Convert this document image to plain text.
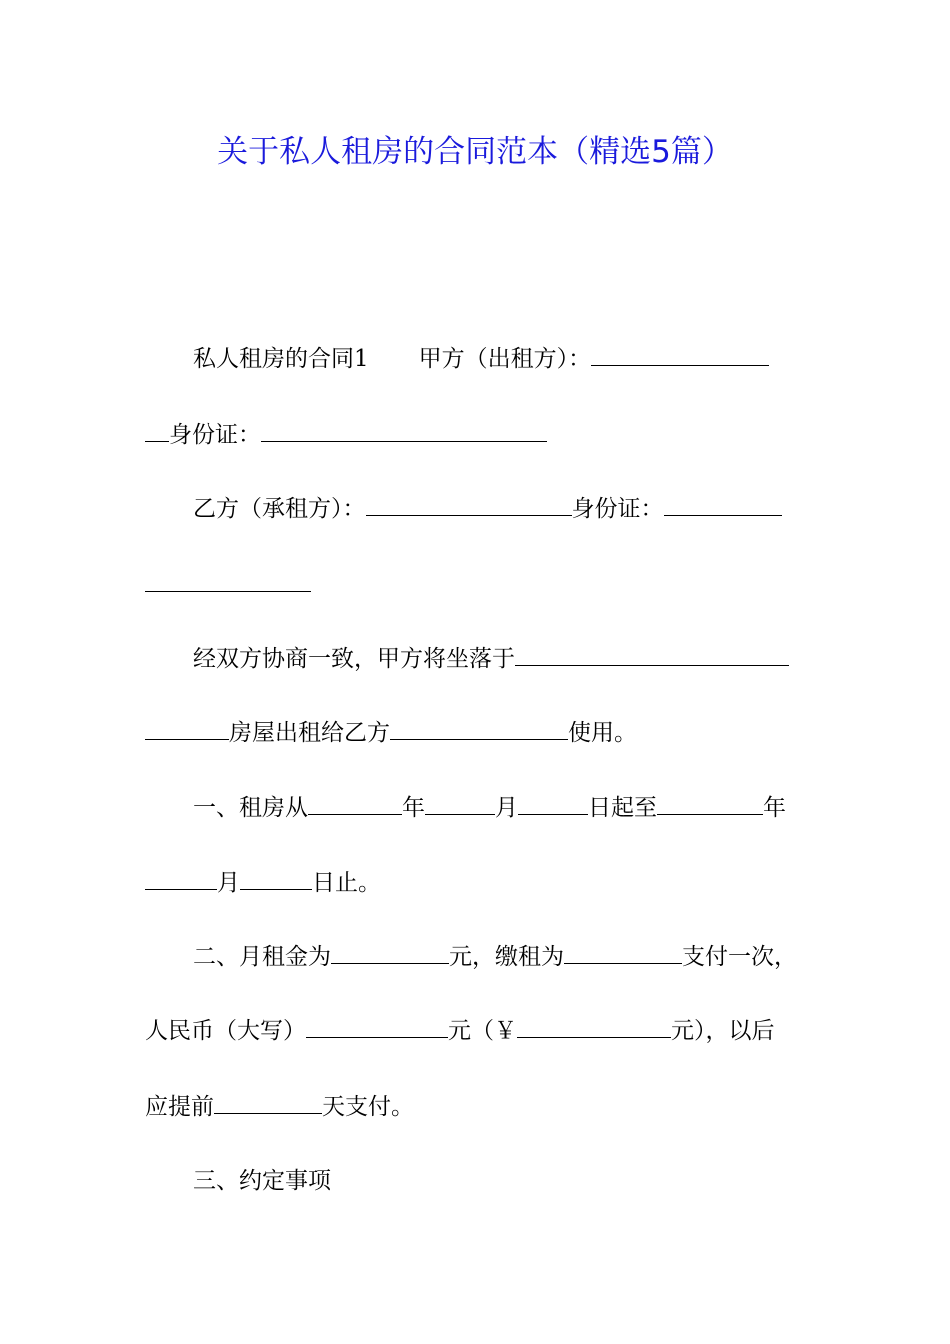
关于私人租房的合同范本（精选5篇）
私人租房的合同1 甲方（出租方）：
身份证：
乙方（承租方）：	身份证：
经双方协商一致，甲方将坐落于
房屋出租给乙方	使用。
一、租房从	年	月	日起至	年
月	日止。
二、月租金为	元，缴租为	支付一次，
人民币（大写）	元（￥	元），以后
应提前	天支付。
三、约定事项
